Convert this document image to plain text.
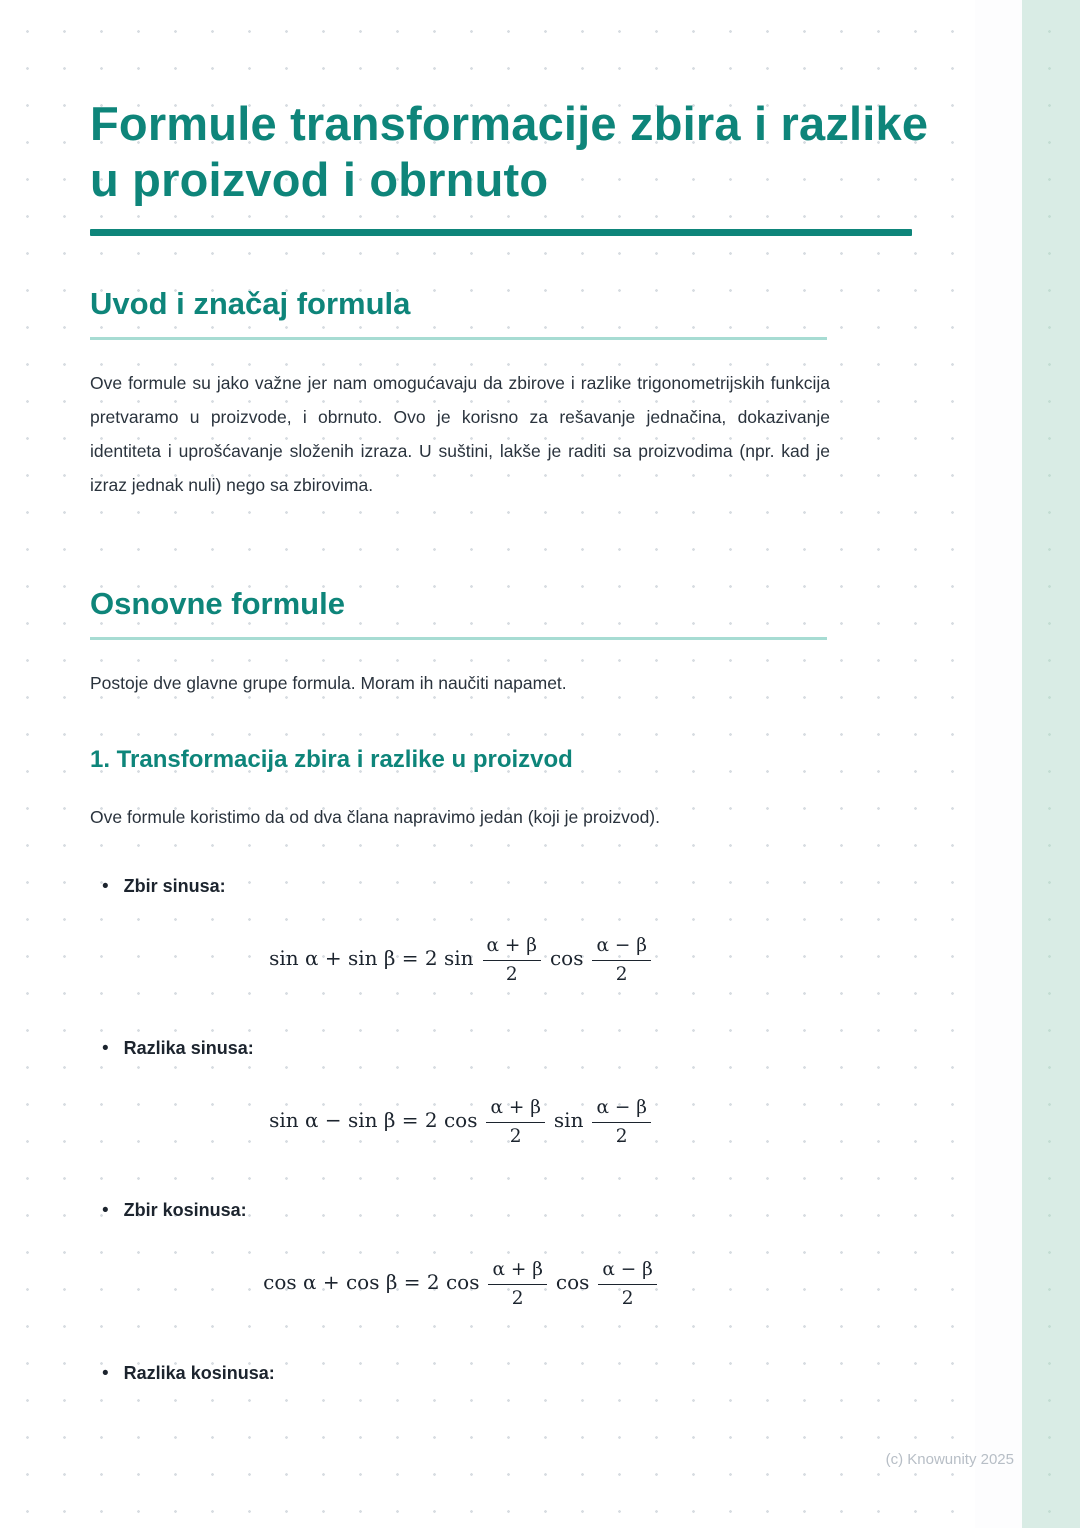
Formule transformacije zbira i razlike u proizvod i obrnuto
Uvod i značaj formula

Ove formule su jako važne jer nam omogućavaju da zbirove i razlike trigonometrijskih funkcija pretvaramo u proizvode, i obrnuto. Ovo je korisno za rešavanje jednačina, dokazivanje identiteta i uprošćavanje složenih izraza. U suštini, lakše je raditi sa proizvodima (npr. kad je izraz jednak nuli) nego sa zbirovima.

Osnovne formule

Postoje dve glavne grupe formula. Moram ih naučiti napamet.

1. Transformacija zbira i razlike u proizvod

Ove formule koristimo da od dva člana napravimo jedan (koji je proizvod).

• Zbir sinusa:
sin α + sin β = 2 $\sin \frac{\alpha + \beta}{2}$ $\cos \frac{\alpha - \beta}{2}$
• Razlika sinusa:
sin α − sin β = 2 $\cos \frac{\alpha + \beta}{2}$ $\sin \frac{\alpha - \beta}{2}$
• Zbir kosinusa:
cos α + cos β = 2 $\cos \frac{\alpha + \beta}{2}$ $\cos \frac{\alpha - \beta}{2}$
• Razlika kosinusa:
(c) Knowunity 2025
